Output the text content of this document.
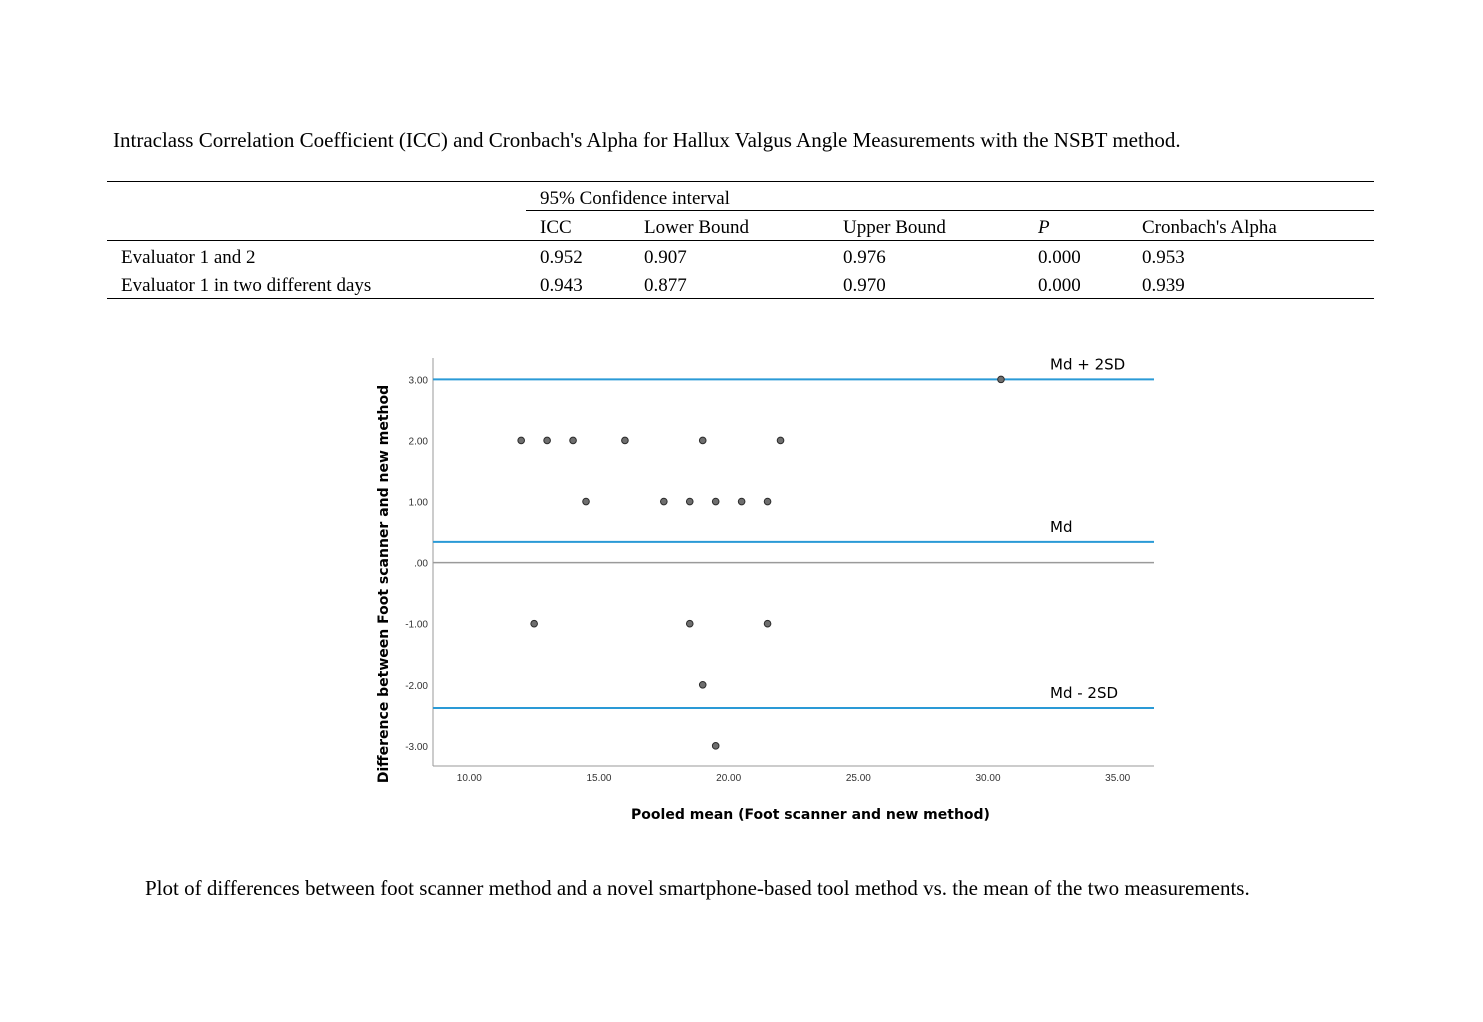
Intraclass Correlation Coefficient (ICC) and Cronbach's Alpha for Hallux Valgus Angle Measurements with the NSBT method.
95% Confidence interval
ICC	Lower Bound	Upper Bound	P	Cronbach's Alpha
Evaluator 1 and 2	0.952	0.907	0.976	0.000	0.953
Evaluator 1 in two different days	0.943	0.877	0.970	0.000	0.939
3.00
2.00
1.00
.00
-1.00
-2.00
-3.00
10.00	15.00	20.00	25.00	30.00	35.00
Md + 2SD
Md
Md - 2SD
Pooled mean (Foot scanner and new method)
Difference between Foot scanner and new method
Plot of differences between foot scanner method and a novel smartphone-based tool method vs. the mean of the two measurements.
